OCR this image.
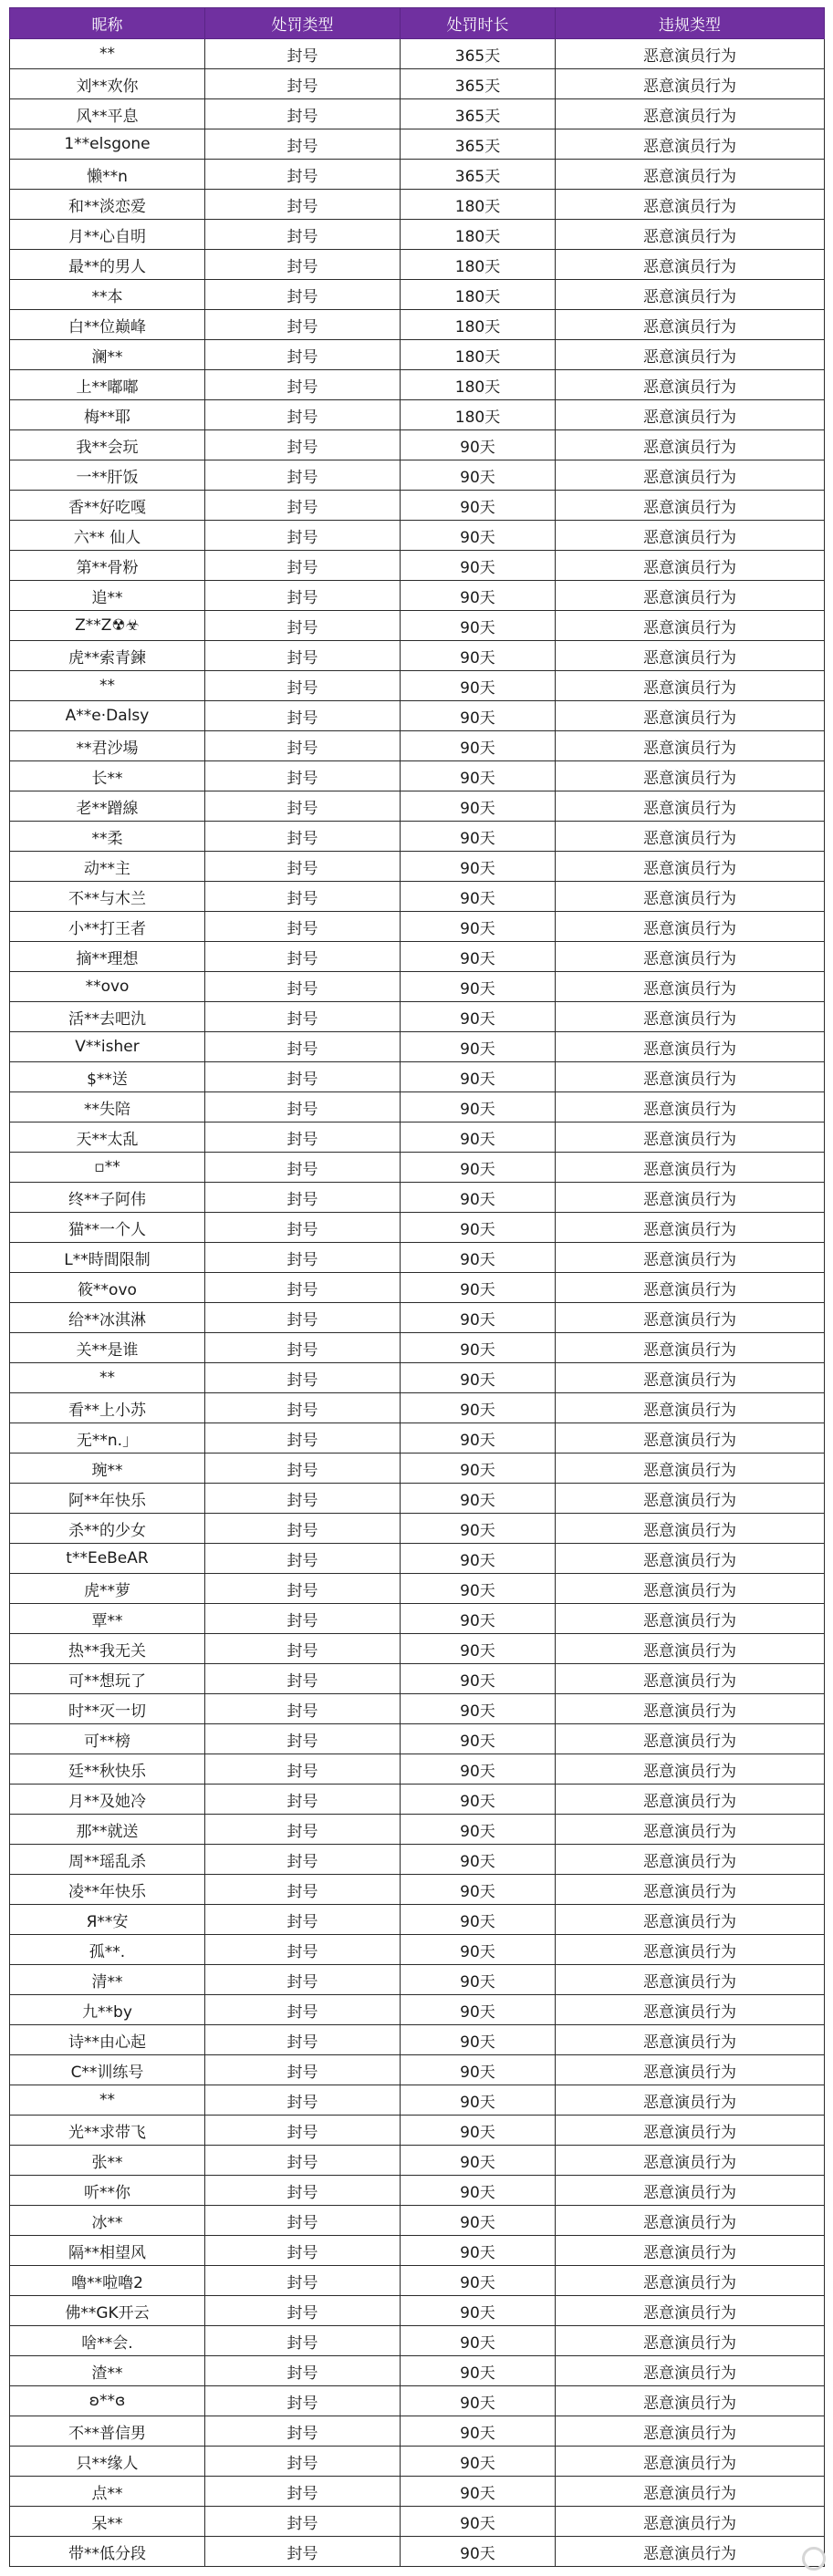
昵称	处罚类型	处罚时长	违规类型
**	封号	365天	恶意演员行为
刘**欢你	封号	365天	恶意演员行为
风**平息	封号	365天	恶意演员行为
1**elsgone	封号	365天	恶意演员行为
懒**n	封号	365天	恶意演员行为
和**淡恋爱	封号	180天	恶意演员行为
月**心自明	封号	180天	恶意演员行为
最**的男人	封号	180天	恶意演员行为
**本	封号	180天	恶意演员行为
白**位巅峰	封号	180天	恶意演员行为
澜**	封号	180天	恶意演员行为
上**嘟嘟	封号	180天	恶意演员行为
梅**耶	封号	180天	恶意演员行为
我**会玩	封号	90天	恶意演员行为
一**肝饭	封号	90天	恶意演员行为
香**好吃嘎	封号	90天	恶意演员行为
六** 仙人	封号	90天	恶意演员行为
第**骨粉	封号	90天	恶意演员行为
追**	封号	90天	恶意演员行为
Z**Z☢☣	封号	90天	恶意演员行为
虎**索青鍊	封号	90天	恶意演员行为
**	封号	90天	恶意演员行为
A**e·Dalsy	封号	90天	恶意演员行为
**君沙場	封号	90天	恶意演员行为
长**	封号	90天	恶意演员行为
老**蹭線	封号	90天	恶意演员行为
**柔	封号	90天	恶意演员行为
动**主	封号	90天	恶意演员行为
不**与木兰	封号	90天	恶意演员行为
小**打王者	封号	90天	恶意演员行为
摘**理想	封号	90天	恶意演员行为
**ovo	封号	90天	恶意演员行为
活**去吧氿	封号	90天	恶意演员行为
V**isher	封号	90天	恶意演员行为
$**送	封号	90天	恶意演员行为
**失陪	封号	90天	恶意演员行为
天**太乱	封号	90天	恶意演员行为
▫**	封号	90天	恶意演员行为
终**子阿伟	封号	90天	恶意演员行为
猫**一个人	封号	90天	恶意演员行为
L**時間限制	封号	90天	恶意演员行为
筱**ovo	封号	90天	恶意演员行为
给**冰淇淋	封号	90天	恶意演员行为
关**是谁	封号	90天	恶意演员行为
**	封号	90天	恶意演员行为
看**上小苏	封号	90天	恶意演员行为
无**n.」	封号	90天	恶意演员行为
琬**	封号	90天	恶意演员行为
阿**年快乐	封号	90天	恶意演员行为
杀**的少女	封号	90天	恶意演员行为
t**EeBeAR	封号	90天	恶意演员行为
虎**萝	封号	90天	恶意演员行为
覃**	封号	90天	恶意演员行为
热**我无关	封号	90天	恶意演员行为
可**想玩了	封号	90天	恶意演员行为
时**灭一切	封号	90天	恶意演员行为
可**榜	封号	90天	恶意演员行为
廷**秋快乐	封号	90天	恶意演员行为
月**及她冷	封号	90天	恶意演员行为
那**就送	封号	90天	恶意演员行为
周**瑶乱杀	封号	90天	恶意演员行为
凌**年快乐	封号	90天	恶意演员行为
Я**安	封号	90天	恶意演员行为
孤**.	封号	90天	恶意演员行为
清**	封号	90天	恶意演员行为
九**by	封号	90天	恶意演员行为
诗**由心起	封号	90天	恶意演员行为
C**训练号	封号	90天	恶意演员行为
**	封号	90天	恶意演员行为
光**求带飞	封号	90天	恶意演员行为
张**	封号	90天	恶意演员行为
听**你	封号	90天	恶意演员行为
冰**	封号	90天	恶意演员行为
隔**相望风	封号	90天	恶意演员行为
嚕**啦嚕2	封号	90天	恶意演员行为
佛**GK开云	封号	90天	恶意演员行为
啥**会.	封号	90天	恶意演员行为
渣**	封号	90天	恶意演员行为
ʚ**ɞ	封号	90天	恶意演员行为
不**普信男	封号	90天	恶意演员行为
只**缘人	封号	90天	恶意演员行为
点**	封号	90天	恶意演员行为
呆**	封号	90天	恶意演员行为
带**低分段	封号	90天	恶意演员行为
